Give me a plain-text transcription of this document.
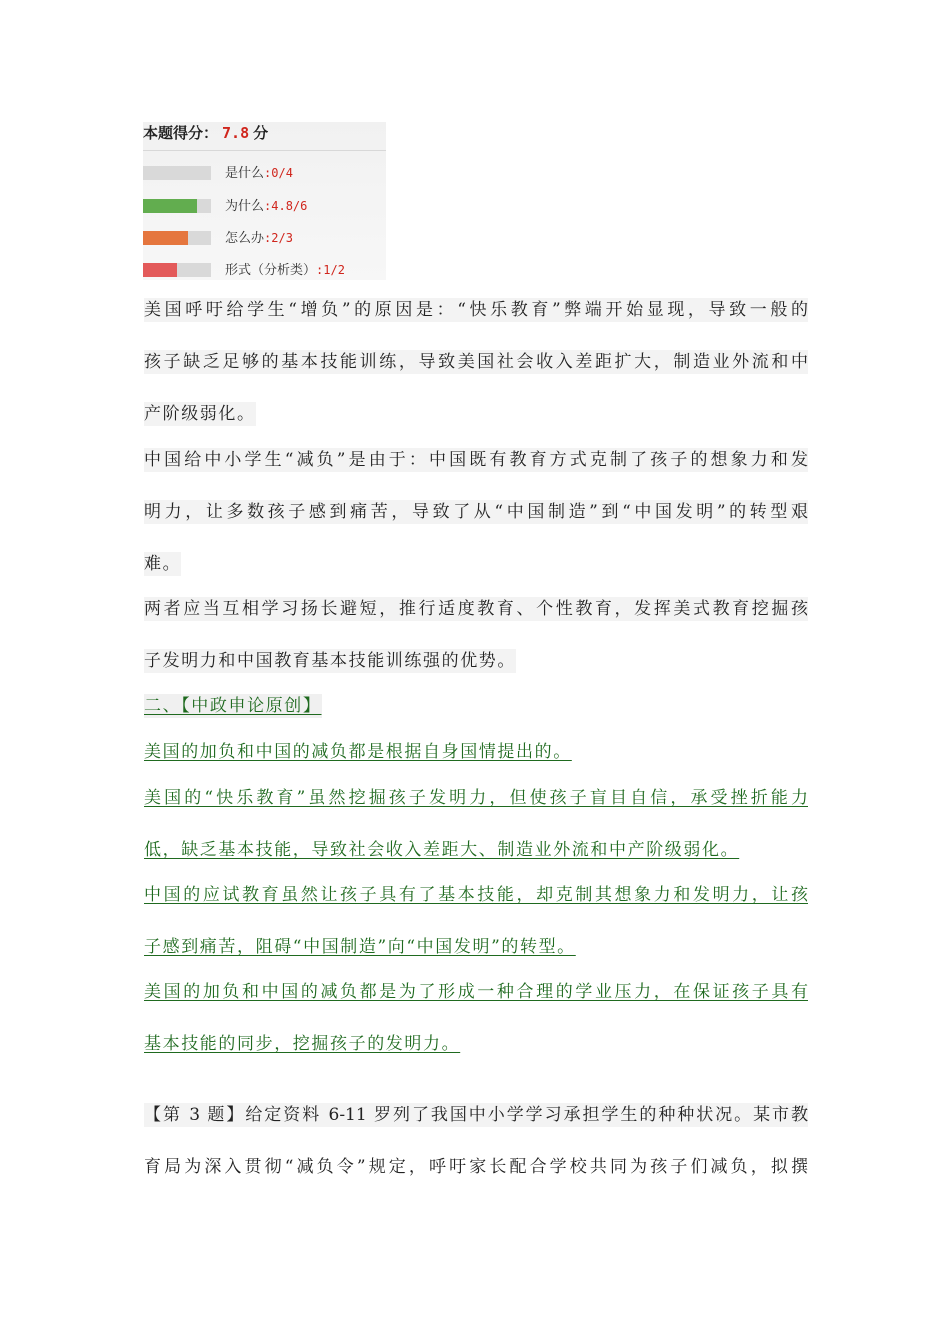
本题得分： 7.8 分
是什么:0/4
为什么:4.8/6
怎么办:2/3
形式（分析类）:1/2
美国呼吁给学生“增负”的原因是：“快乐教育”弊端开始显现，导致一般的
孩子缺乏足够的基本技能训练，导致美国社会收入差距扩大，制造业外流和中
产阶级弱化。
中国给中小学生“减负”是由于：中国既有教育方式克制了孩子的想象力和发
明力，让多数孩子感到痛苦，导致了从“中国制造”到“中国发明”的转型艰
难。
两者应当互相学习扬长避短，推行适度教育、个性教育，发挥美式教育挖掘孩
子发明力和中国教育基本技能训练强的优势。
二、【中政申论原创】
美国的加负和中国的减负都是根据自身国情提出的。
美国的“快乐教育”虽然挖掘孩子发明力，但使孩子盲目自信，承受挫折能力
低，缺乏基本技能，导致社会收入差距大、制造业外流和中产阶级弱化。
中国的应试教育虽然让孩子具有了基本技能，却克制其想象力和发明力，让孩
子感到痛苦，阻碍“中国制造”向“中国发明”的转型。
美国的加负和中国的减负都是为了形成一种合理的学业压力，在保证孩子具有
基本技能的同步，挖掘孩子的发明力。
【第 3 题】给定资料 6-11 罗列了我国中小学学习承担学生的种种状况。某市教
育局为深入贯彻“减负令”规定，呼吁家长配合学校共同为孩子们减负，拟撰
